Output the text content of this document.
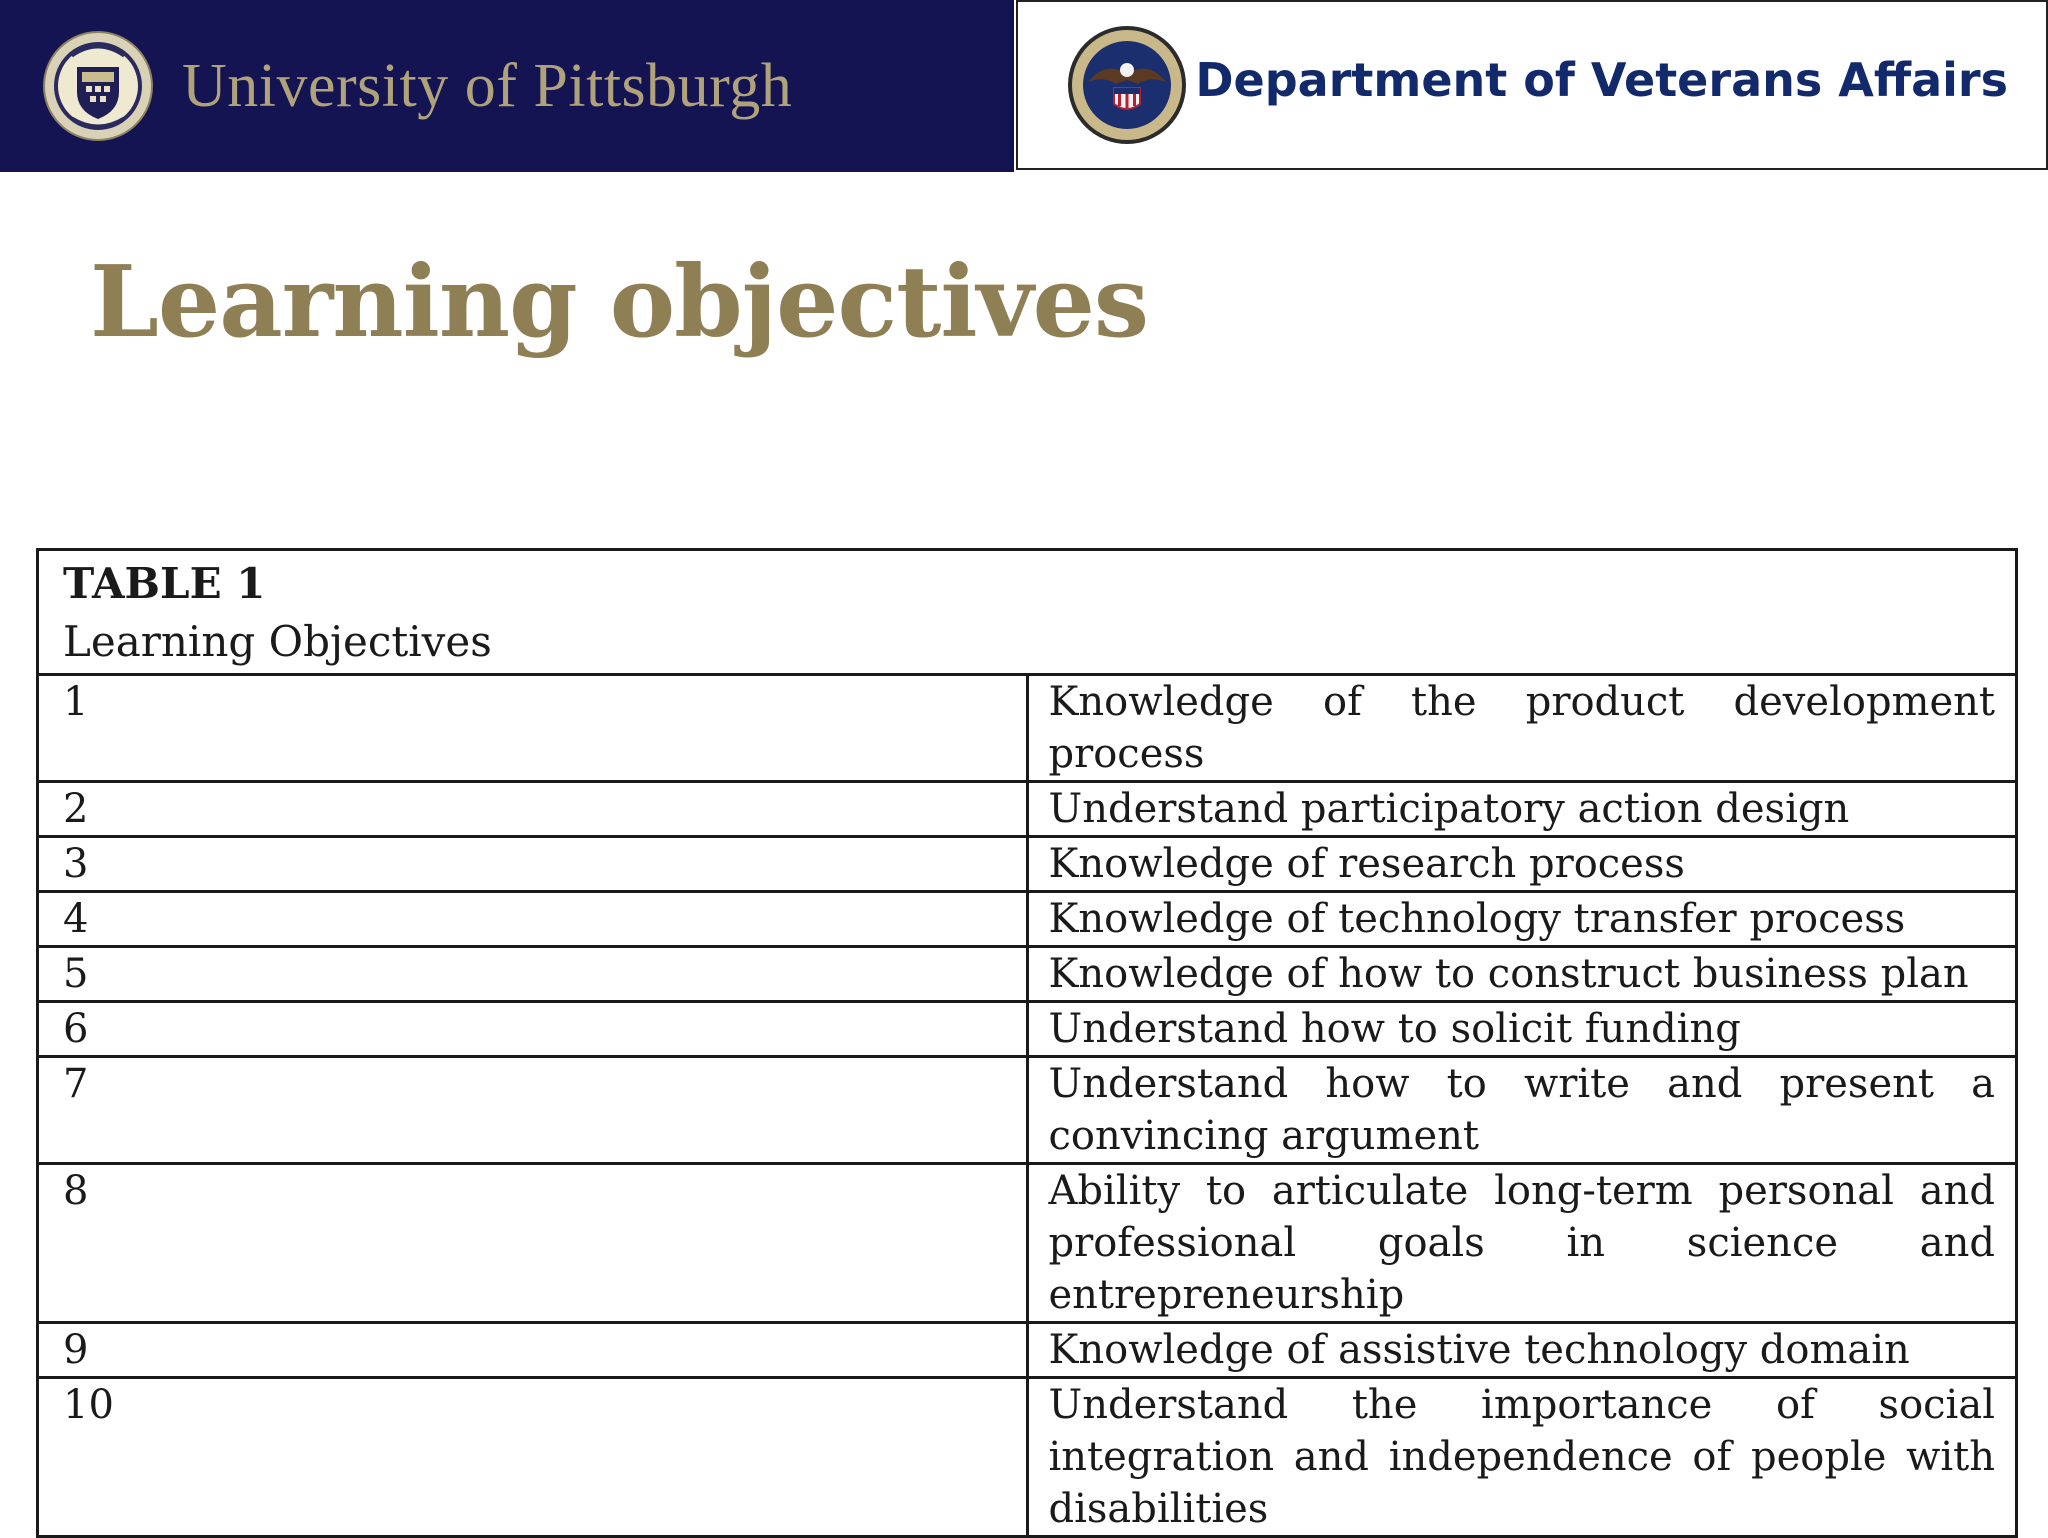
University of Pittsburgh	Department of Veterans Affairs
Learning objectives
TABLE 1
Learning Objectives	

1	Knowledge of the product development process
2	Understand participatory action design
3	Knowledge of research process
4	Knowledge of technology transfer process
5	Knowledge of how to construct business plan
6	Understand how to solicit funding
7	Understand how to write and present a convincing argument
8	Ability to articulate long-term personal and professional goals in science and entrepreneurship
9	Knowledge of assistive technology domain
10	Understand the importance of social integration and independence of people with disabilities
